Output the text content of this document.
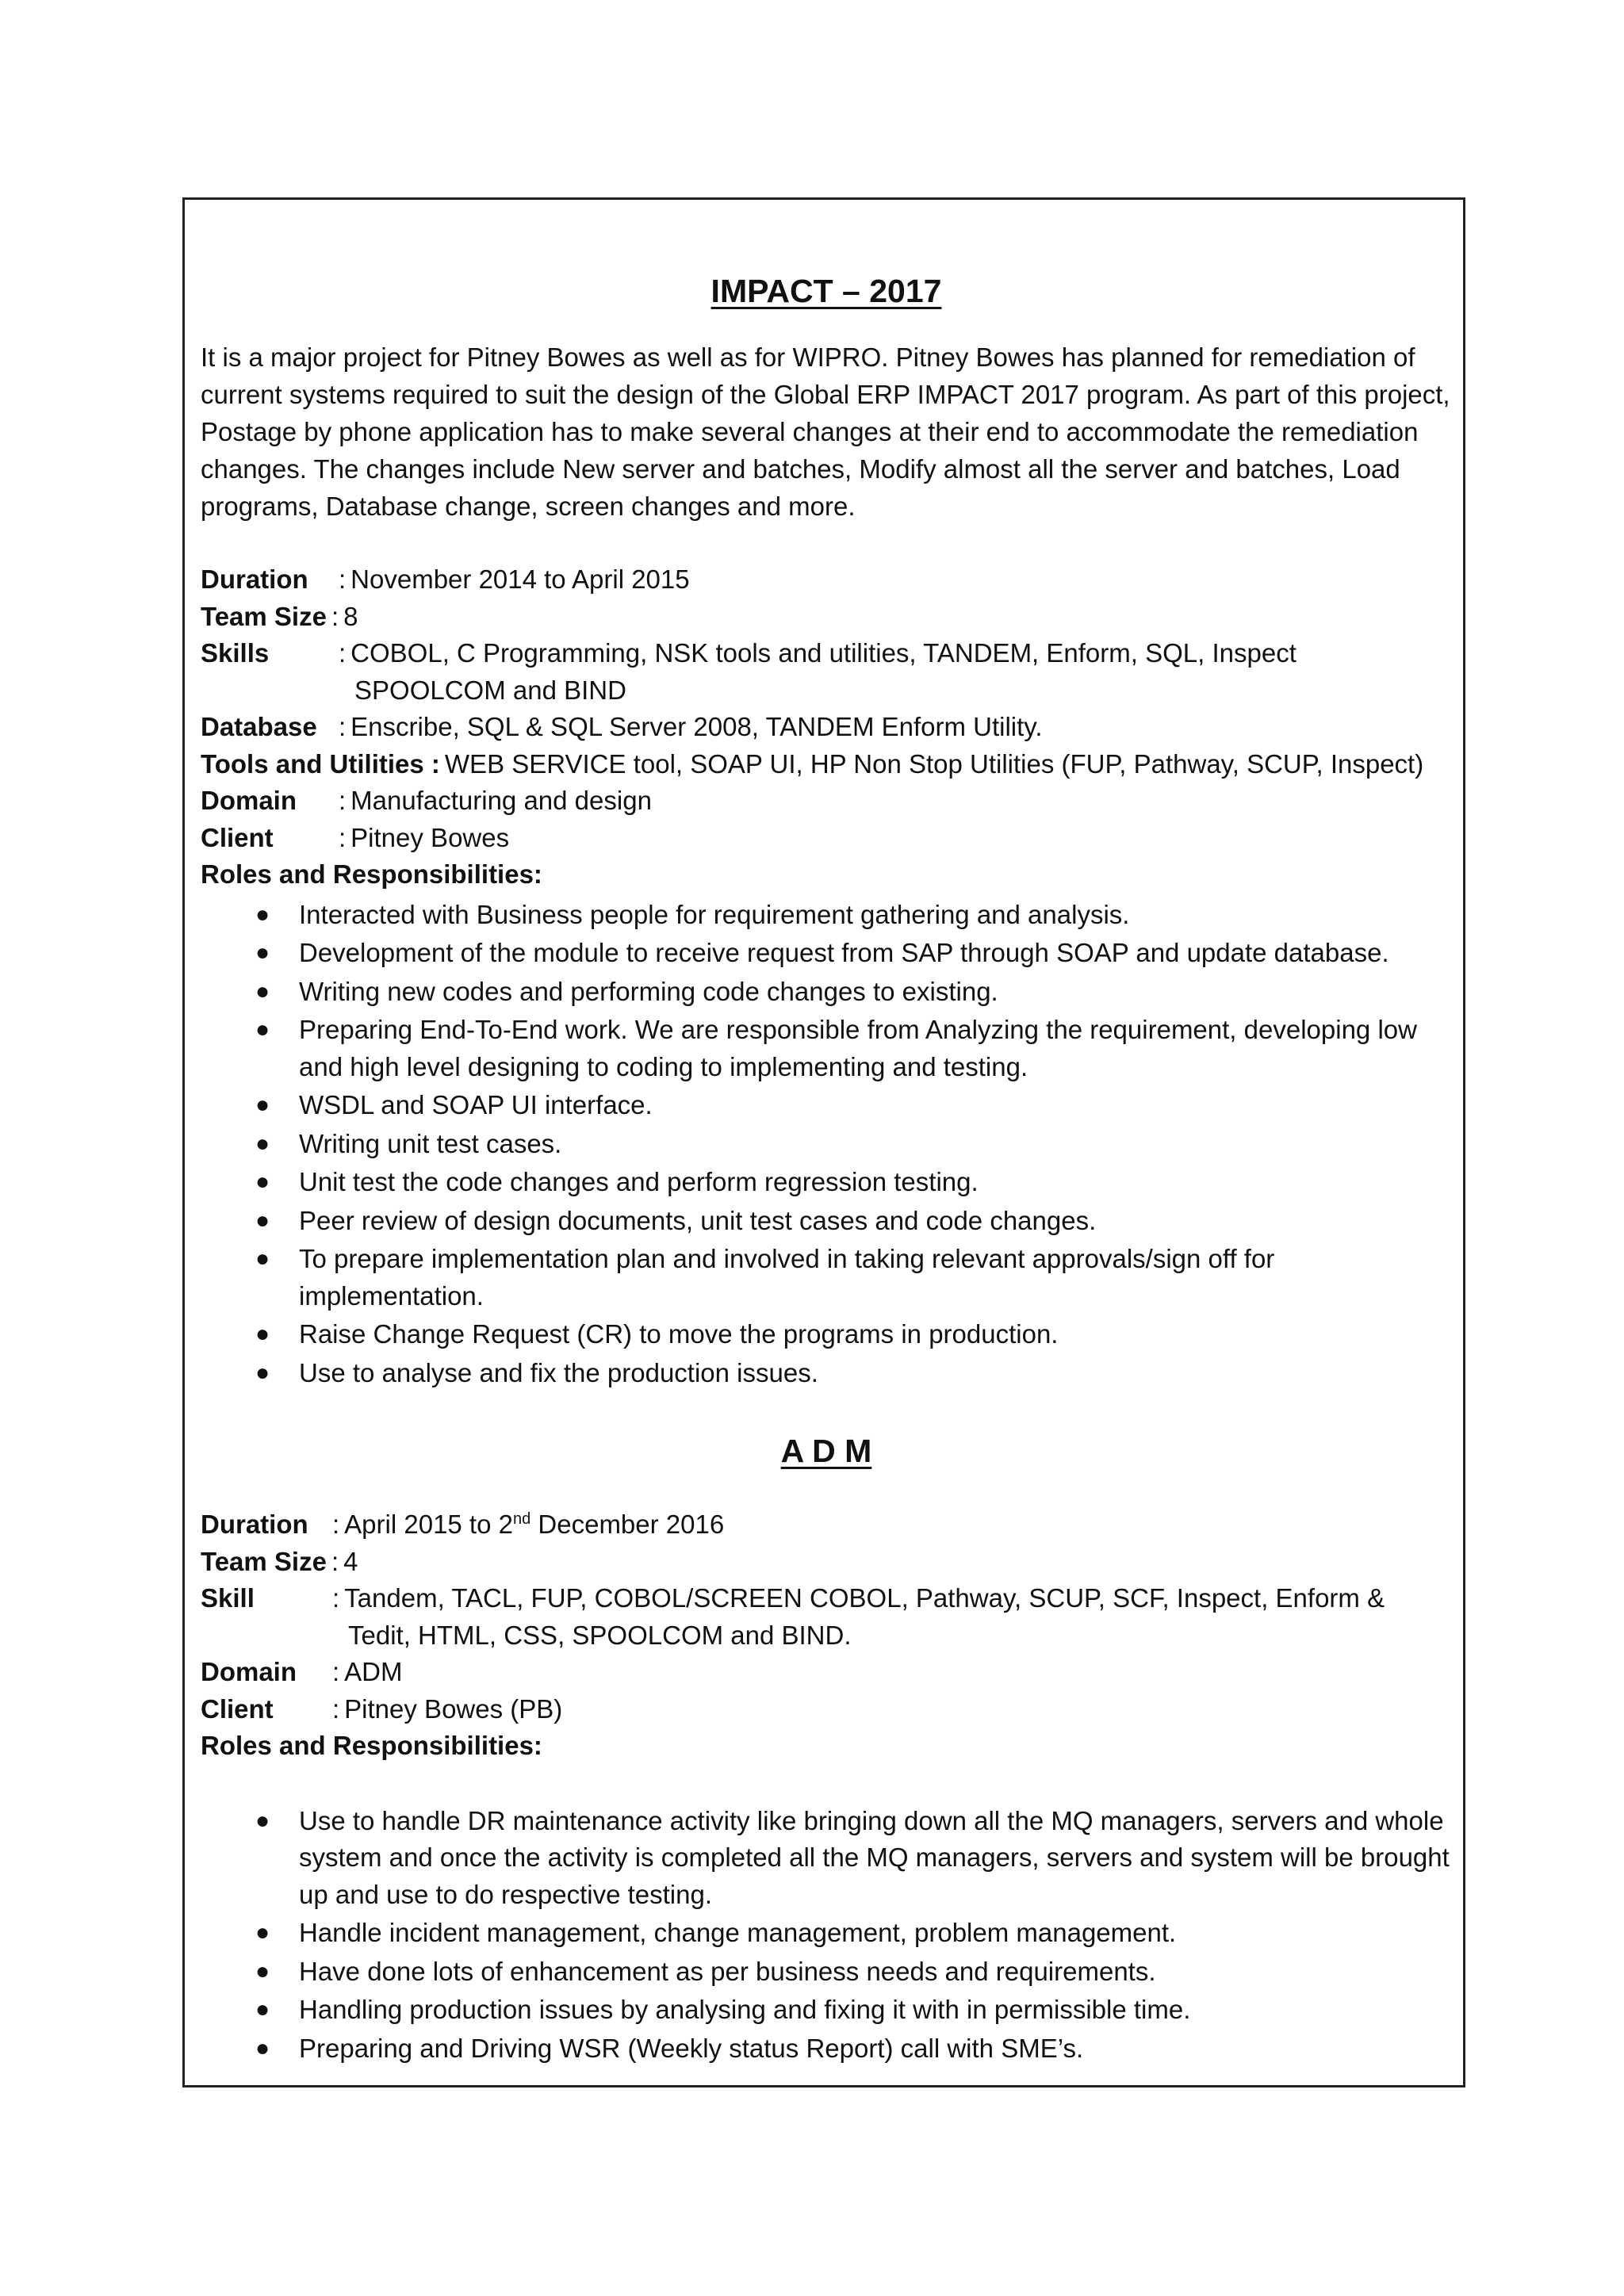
IMPACT – 2017

It is a major project for Pitney Bowes as well as for WIPRO. Pitney Bowes has planned for remediation of current systems required to suit the design of the Global ERP IMPACT 2017 program. As part of this project, Postage by phone application has to make several changes at their end to accommodate the remediation changes. The changes include New server and batches, Modify almost all the server and batches, Load programs, Database change, screen changes and more.

Duration	: November 2014 to April 2015
Team Size : 8
Skills	: COBOL, C Programming, NSK tools and utilities, TANDEM, Enform, SQL, Inspect
SPOOLCOM and BIND
Database : Enscribe, SQL & SQL Server 2008, TANDEM Enform Utility.
Tools and Utilities : WEB SERVICE tool, SOAP UI, HP Non Stop Utilities (FUP, Pathway, SCUP, Inspect)
Domain	: Manufacturing and design
Client	: Pitney Bowes
Roles and Responsibilities:
● Interacted with Business people for requirement gathering and analysis.
● Development of the module to receive request from SAP through SOAP and update database.
● Writing new codes and performing code changes to existing.
● Preparing End-To-End work. We are responsible from Analyzing the requirement, developing low and high level designing to coding to implementing and testing.
● WSDL and SOAP UI interface.
● Writing unit test cases.
● Unit test the code changes and perform regression testing.
● Peer review of design documents, unit test cases and code changes.
● To prepare implementation plan and involved in taking relevant approvals/sign off for implementation.
● Raise Change Request (CR) to move the programs in production.
● Use to analyse and fix the production issues.
A D M
Duration : April 2015 to 2nd December 2016
Team Size : 4
Skill	: Tandem, TACL, FUP, COBOL/SCREEN COBOL, Pathway, SCUP, SCF, Inspect, Enform &
Tedit, HTML, CSS, SPOOLCOM and BIND.
Domain	: ADM
Client	: Pitney Bowes (PB)
Roles and Responsibilities:
● Use to handle DR maintenance activity like bringing down all the MQ managers, servers and whole system and once the activity is completed all the MQ managers, servers and system will be brought up and use to do respective testing.
● Handle incident management, change management, problem management.
● Have done lots of enhancement as per business needs and requirements.
● Handling production issues by analysing and fixing it with in permissible time.
● Preparing and Driving WSR (Weekly status Report) call with SME’s.
